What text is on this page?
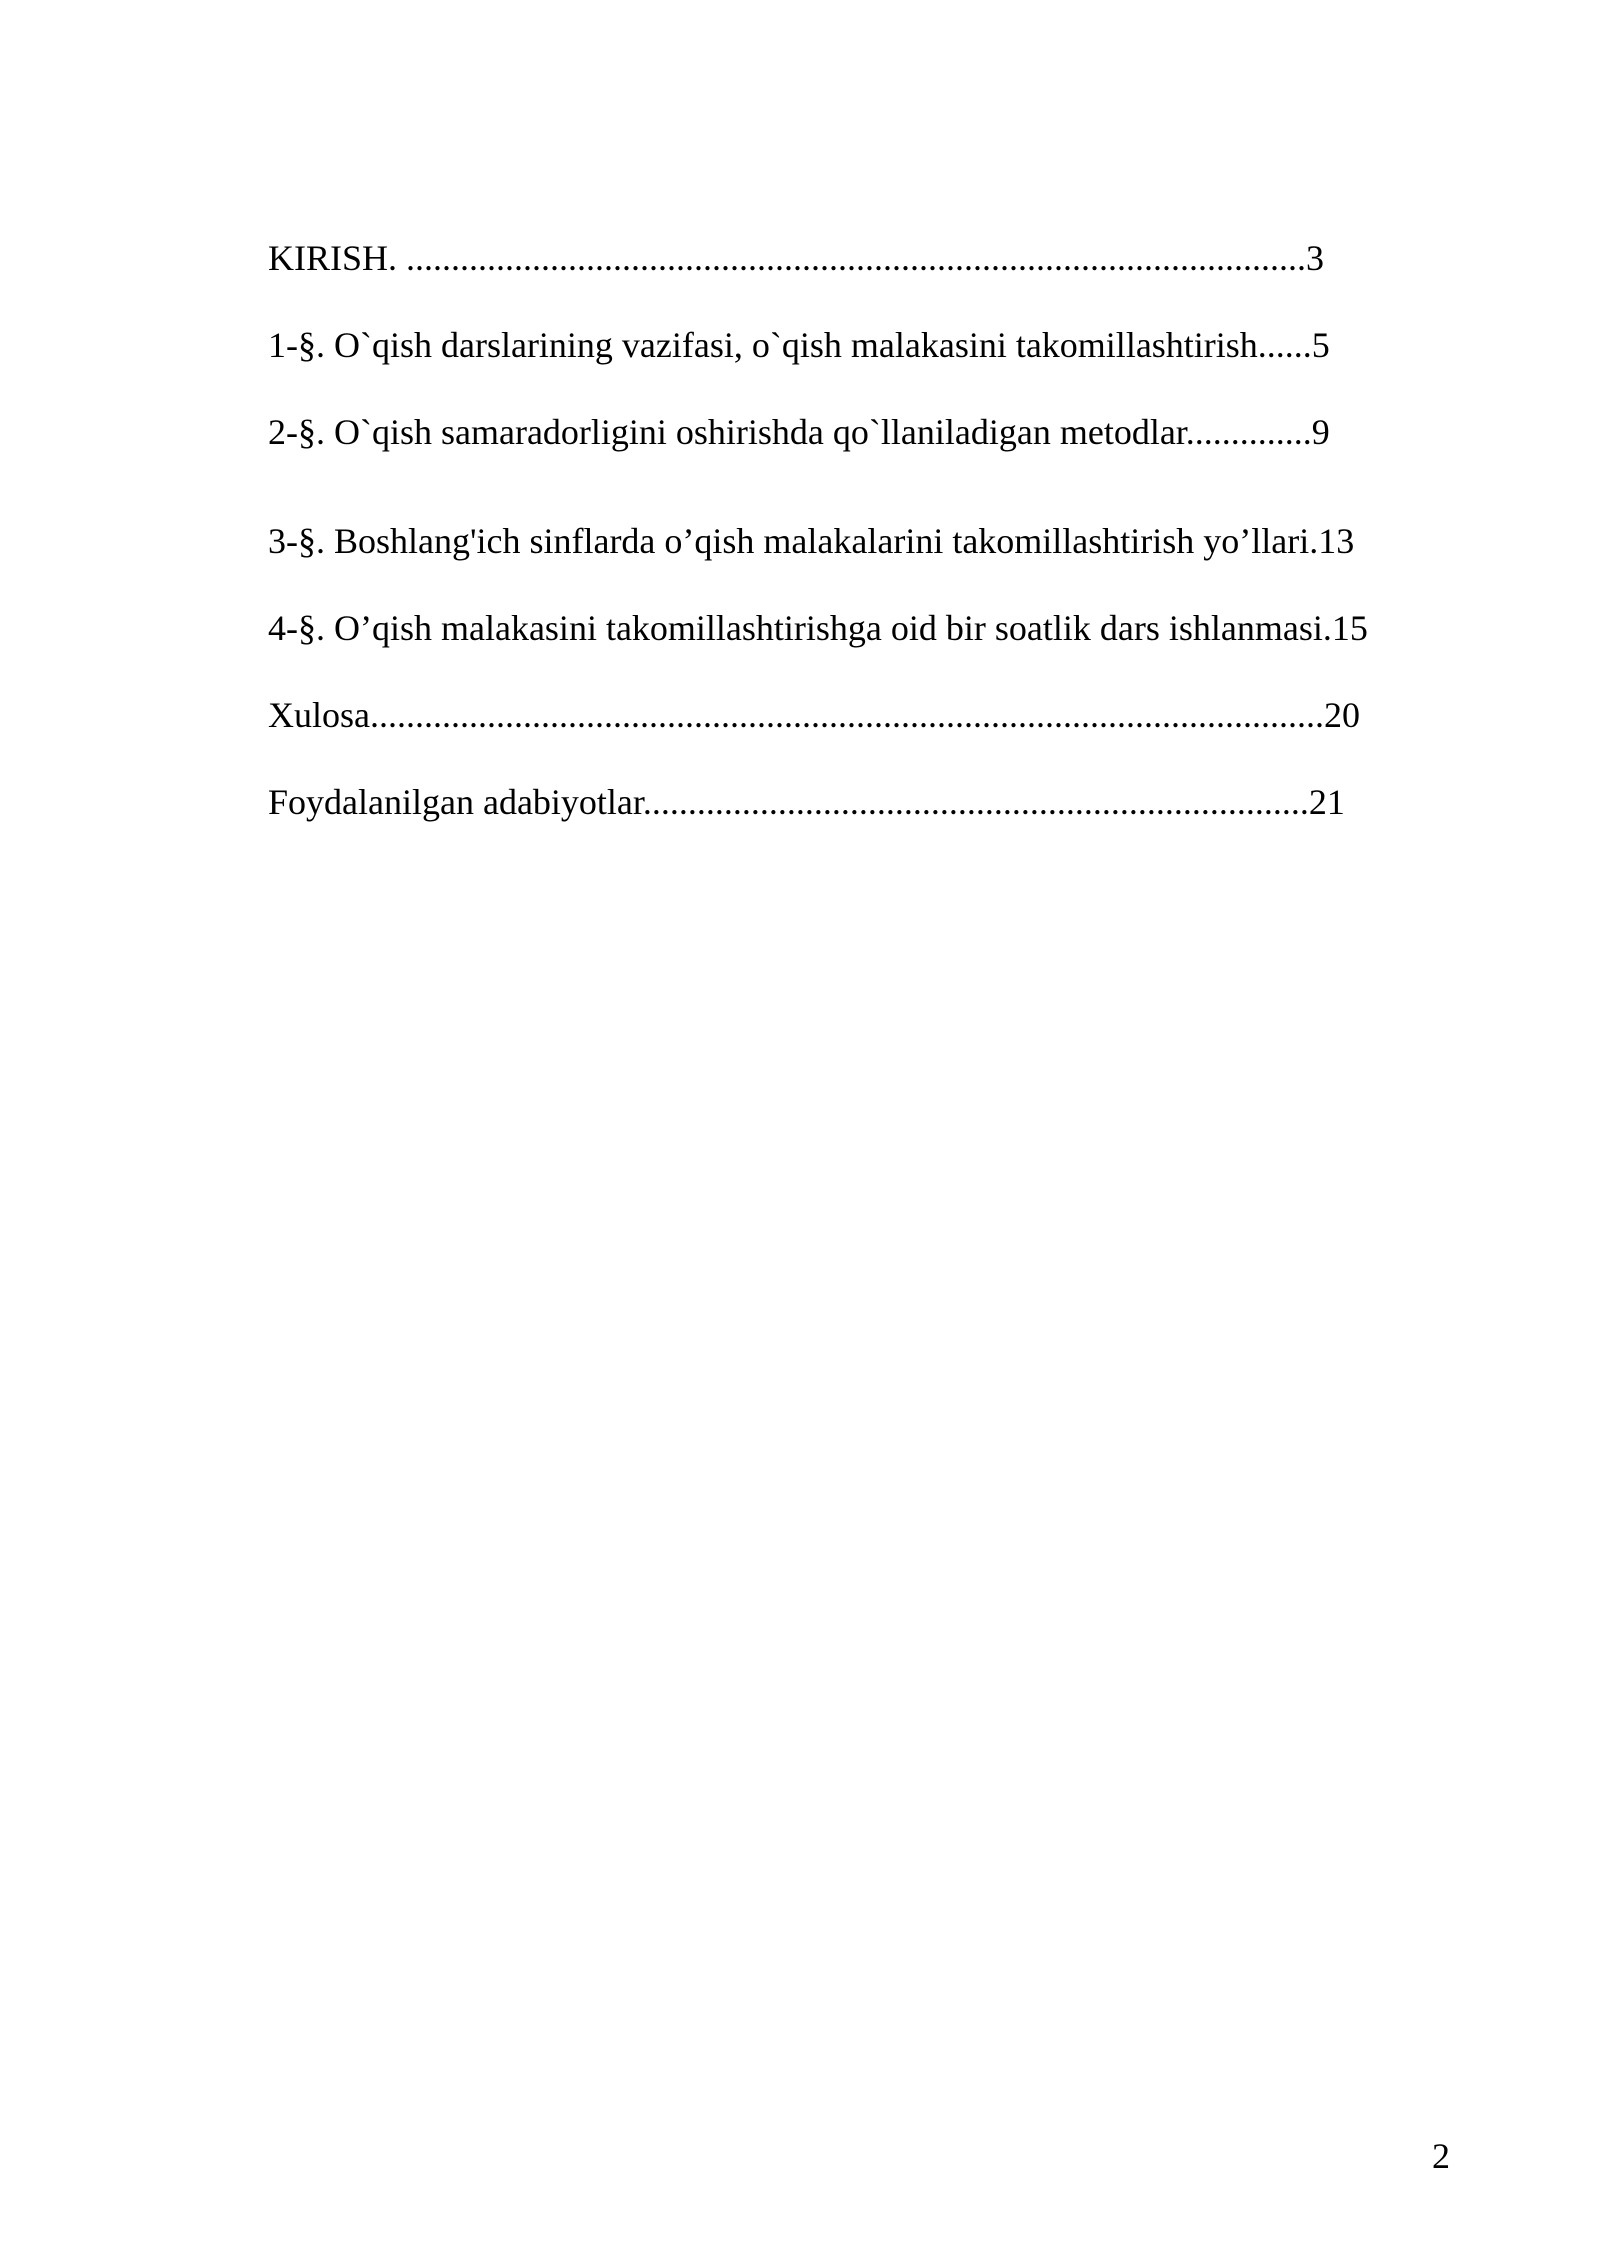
KIRISH. ....................................................................................................3
1-§. O`qish darslarining vazifasi, o`qish malakasini takomillashtirish......5
2-§. O`qish samaradorligini oshirishda qo`llaniladigan metodlar..............9
3-§. Boshlang'ich sinflarda o’qish malakalarini takomillashtirish yo’llari.13
4-§. O’qish malakasini takomillashtirishga oid bir soatlik dars ishlanmasi.15
Xulosa..........................................................................................................20
Foydalanilgan adabiyotlar..........................................................................21
2
